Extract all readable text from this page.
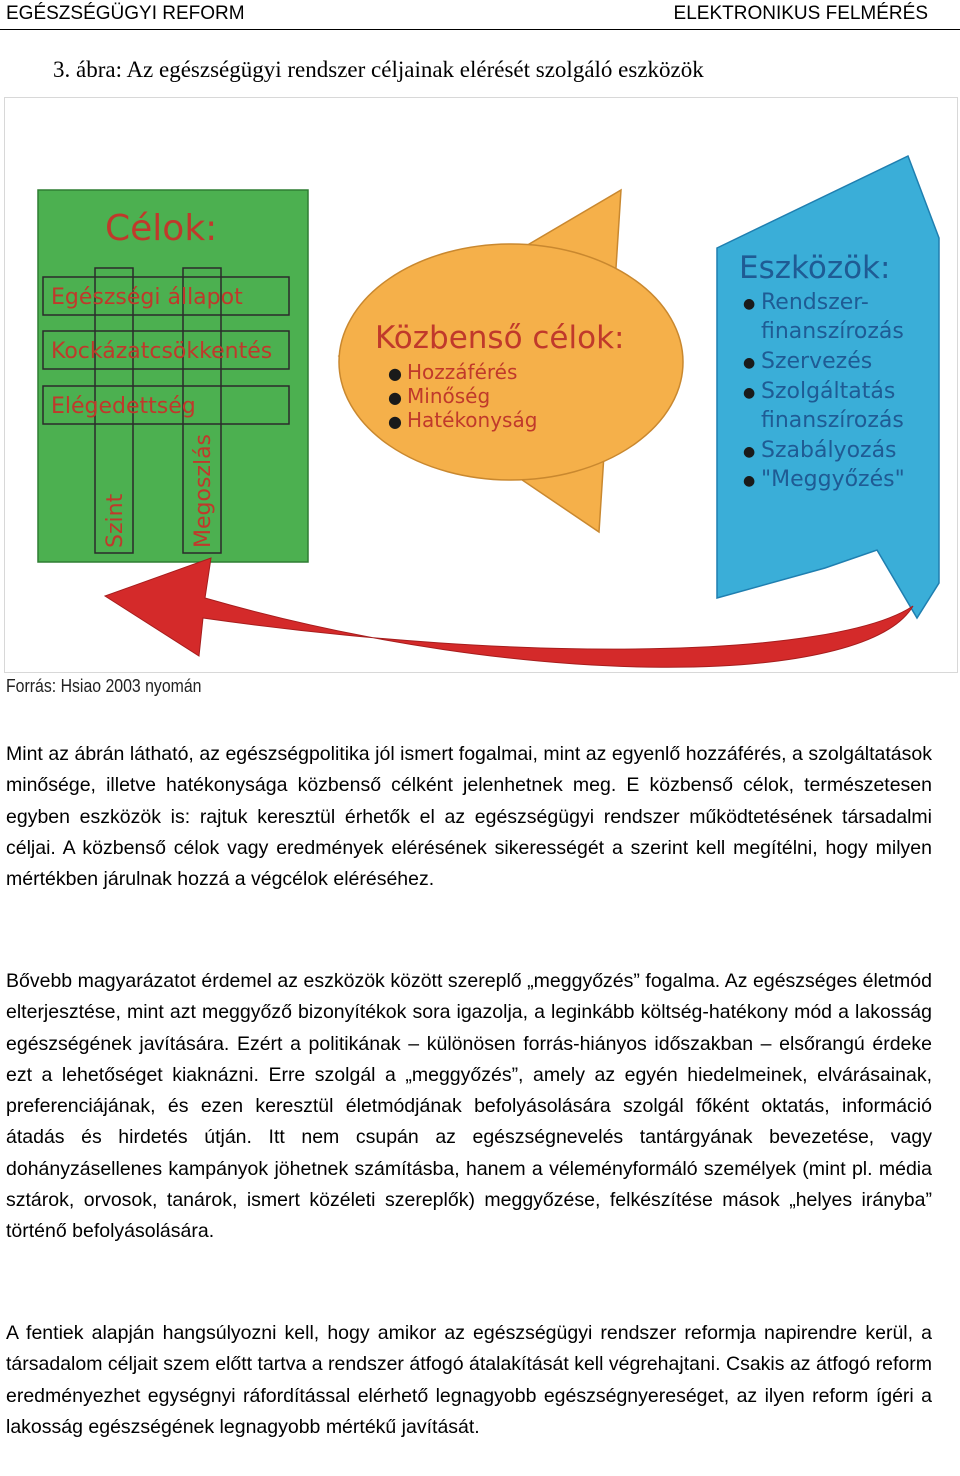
EGÉSZSÉGÜGYI REFORM	ELEKTRONIKUS FELMÉRÉS
3. ábra: Az egészségügyi rendszer céljainak elérését szolgáló eszközök
Célok:
Egészségi állapot
Kockázatcsökkentés
Elégedettség
Szint	Megoszlás
Közbenső célok:
● Hozzáférés
● Minőség
● Hatékonyság
Eszközök:
● Rendszer-
finanszírozás
● Szervezés
● Szolgáltatás
finanszírozás
● Szabályozás
● "Meggyőzés"
Forrás: Hsiao 2003 nyomán
Mint az ábrán látható, az egészségpolitika jól ismert fogalmai, mint az egyenlő hozzáférés, a szolgáltatások minősége, illetve hatékonysága közbenső célként jelenhetnek meg. E közbenső célok, természetesen egyben eszközök is: rajtuk keresztül érhetők el az egészségügyi rendszer működtetésének társadalmi céljai. A közbenső célok vagy eredmények elérésének sikerességét a szerint kell megítélni, hogy milyen mértékben járulnak hozzá a végcélok eléréséhez.
Bővebb magyarázatot érdemel az eszközök között szereplő „meggyőzés” fogalma. Az egészséges életmód elterjesztése, mint azt meggyőző bizonyítékok sora igazolja, a leginkább költség-hatékony mód a lakosság egészségének javítására. Ezért a politikának – különösen forrás-hiányos időszakban – elsőrangú érdeke ezt a lehetőséget kiaknázni. Erre szolgál a „meggyőzés”, amely az egyén hiedelmeinek, elvárásainak, preferenciájának, és ezen keresztül életmódjának befolyásolására szolgál főként oktatás, információ átadás és hirdetés útján. Itt nem csupán az egészségnevelés tantárgyának bevezetése, vagy dohányzásellenes kampányok jöhetnek számításba, hanem a véleményformáló személyek (mint pl. média sztárok, orvosok, tanárok, ismert közéleti szereplők) meggyőzése, felkészítése mások „helyes irányba” történő befolyásolására.
A fentiek alapján hangsúlyozni kell, hogy amikor az egészségügyi rendszer reformja napirendre kerül, a társadalom céljait szem előtt tartva a rendszer átfogó átalakítását kell végrehajtani. Csakis az átfogó reform eredményezhet egységnyi ráfordítással elérhető legnagyobb egészségnyereséget, az ilyen reform ígéri a lakosság egészségének legnagyobb mértékű javítását.
